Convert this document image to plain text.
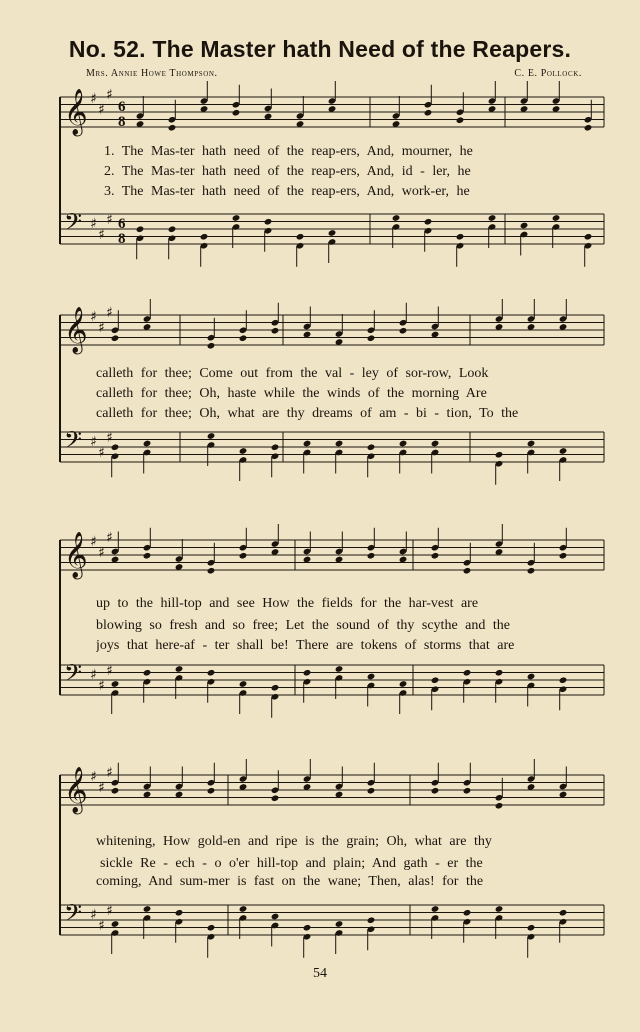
No. 52. The Master hath Need of the Reapers.
Mrs. Annie Howe Thompson.	C. E. Pollock.
𝄞 ♯
♯
♯
6
8
𝄢 ♯
♯
♯ 6
8
1. The Mas-ter hath need of the reap-ers, And, mourner, he
2. The Mas-ter hath need of the reap-ers, And, id - ler, he
3. The Mas-ter hath need of the reap-ers, And, work-er, he
𝄞 ♯
♯
♯
𝄢 ♯
♯
♯
calleth for thee; Come out from the val - ley of sor-row, Look
calleth for thee; Oh, haste while the winds of the morning Are
calleth for thee; Oh, what are thy dreams of am - bi - tion, To the
𝄞 ♯
♯
♯
𝄢 ♯
♯
♯
up to the hill-top and see How the fields for the har-vest are
blowing so fresh and so free; Let the sound of thy scythe and the
joys that here-af - ter shall be! There are tokens of storms that are
𝄞 ♯
♯
♯
𝄢 ♯
♯
♯
whitening, How gold-en and ripe is the grain; Oh, what are thy
sickle Re - ech - o o'er hill-top and plain; And gath - er the
coming, And sum-mer is fast on the wane; Then, alas! for the
54
